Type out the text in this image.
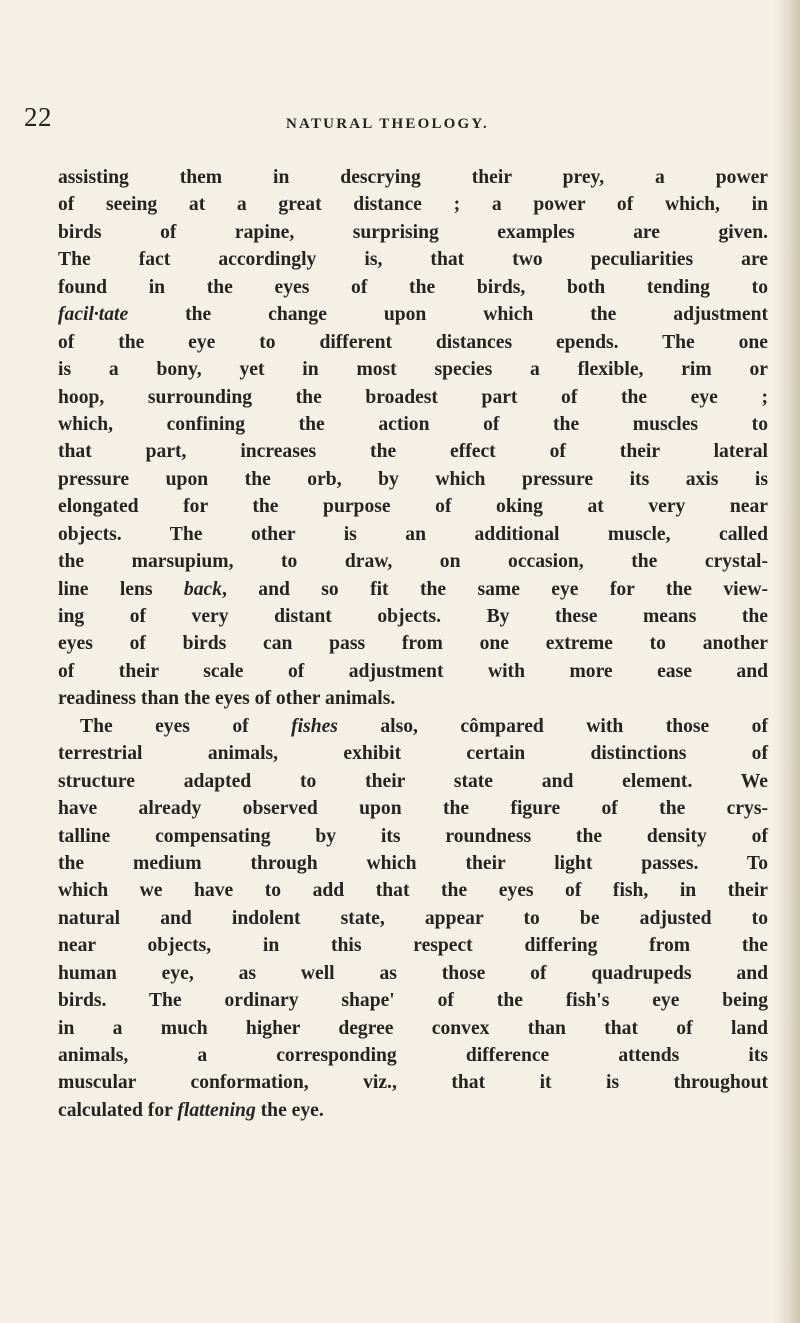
22	NATURAL THEOLOGY.
assisting them in descrying their prey, a power
of seeing at a great distance ; a power of which, in
birds of rapine, surprising examples are given.
The fact accordingly is, that two peculiarities are
found in the eyes of the birds, both tending to
facil·tate the change upon which the adjustment
of the eye to different distances epends. The one
is a bony, yet in most species a flexible, rim or
hoop, surrounding the broadest part of the eye ;
which, confining the action of the muscles to
that part, increases the effect of their lateral
pressure upon the orb, by which pressure its axis is
elongated for the purpose of oking at very near
objects. The other is an additional muscle, called
the marsupium, to draw, on occasion, the crystal-
line lens back, and so fit the same eye for the view-
ing of very distant objects. By these means the
eyes of birds can pass from one extreme to another
of their scale of adjustment with more ease and
readiness than the eyes of other animals.
The eyes of fishes also, cômpared with those of
terrestrial animals, exhibit certain distinctions of
structure adapted to their state and element. We
have already observed upon the figure of the crys-
talline compensating by its roundness the density of
the medium through which their light passes. To
which we have to add that the eyes of fish, in their
natural and indolent state, appear to be adjusted to
near objects, in this respect differing from the
human eye, as well as those of quadrupeds and
birds. The ordinary shape' of the fish's eye being
in a much higher degree convex than that of land
animals, a corresponding difference attends its
muscular conformation, viz., that it is throughout
calculated for flattening the eye.
